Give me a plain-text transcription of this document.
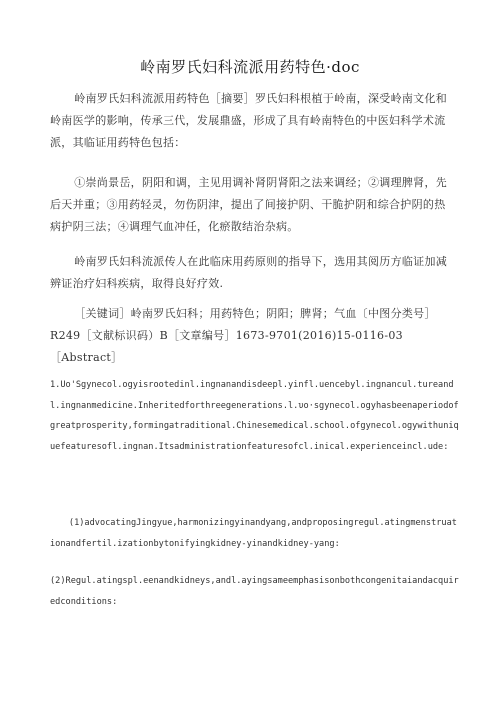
岭南罗氏妇科流派用药特色·doc

岭南罗氏妇科流派用药特色［摘要］罗氏妇科根植于岭南，深受岭南文化和岭南医学的影响，传承三代，发展鼎盛，形成了具有岭南特色的中医妇科学术流派，其临证用药特色包括：

①崇尚景岳，阴阳和调，主见用调补肾阴肾阳之法来调经；②调理脾肾，先后天并重；③用药轻灵，勿伤阴津，提出了间接护阴、干脆护阴和综合护阴的热病护阴三法；④调理气血冲任，化瘀散结治杂病。

岭南罗氏妇科流派传人在此临床用药原则的指导下，选用其阅历方临证加减辨证治疗妇科疾病，取得良好疗效.

［关键词］岭南罗氏妇科；用药特色；阴阳；脾肾；气血〔中图分类号］R249［文献标识码）B［文章编号］1673-9701(2016)15-0116-03［Abstract］

1.Uo'Sgynecol.ogyisrootedinl.ingnanandisdeepl.yinfl.uencebyl.ingnancul.tureandl.ingnanmedicine.Inheritedforthreegenerations.l.υo·sgynecol.ogyhasbeenaperiodofgreatprosperity,formingatraditional.Chinesemedical.school.ofgynecol.ogywithuniquefeaturesofl.ingnan.Itsadministrationfeaturesofcl.inical.experienceincl.ude:

(1)advocatingJingyue,harmonizingyinandyang,andproposingregul.atingmenstruationandfertil.izationbytonifyingkidney-yinandkidney-yang:

(2)Regul.atingspl.eenandkidneys,andl.ayingsameemphasisonbothcongenitaiandacquiredconditions:
